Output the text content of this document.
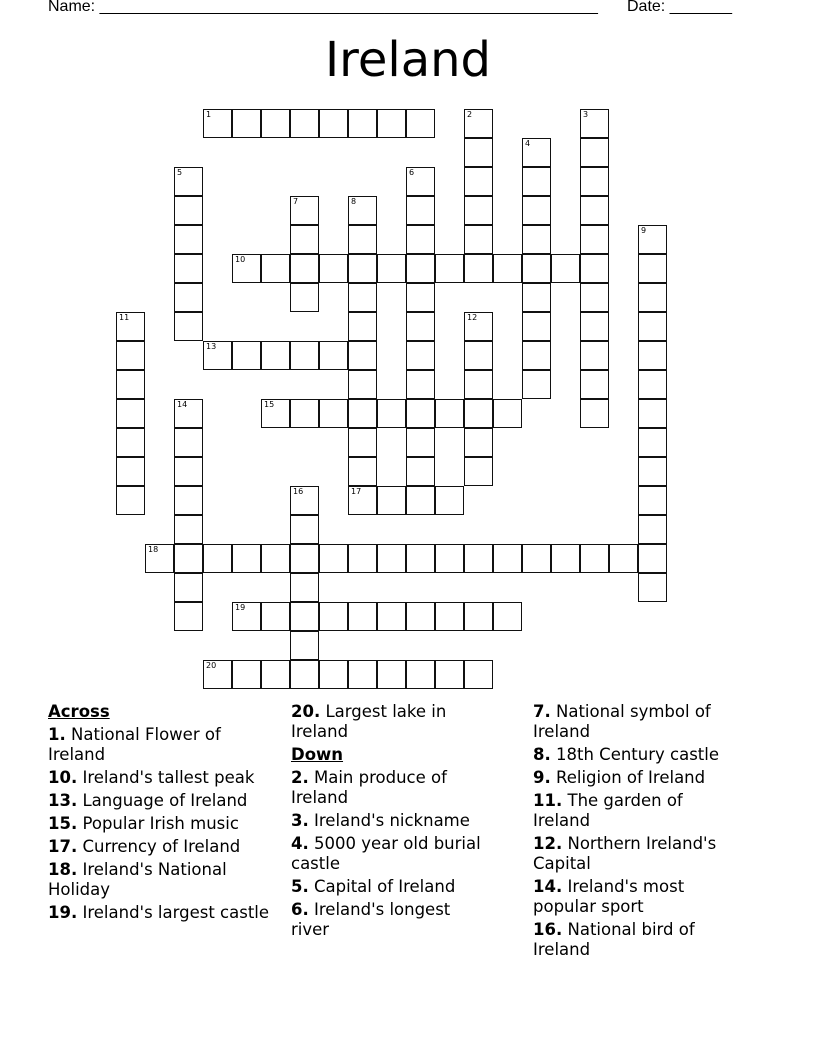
Name: ________________________________________________________ Date: _______
Ireland
1
10
13
15
17
18
19
20
2	3
4
5	6
7	8
9
11	12
14
16
Across
1. National Flower of Ireland
10. Ireland's tallest peak
13. Language of Ireland
15. Popular Irish music
17. Currency of Ireland
18. Ireland's National Holiday
19. Ireland's largest castle
20. Largest lake in Ireland
Down
2. Main produce of Ireland
3. Ireland's nickname
4. 5000 year old burial castle
5. Capital of Ireland
6. Ireland's longest river
7. National symbol of Ireland
8. 18th Century castle
9. Religion of Ireland
11. The garden of Ireland
12. Northern Ireland's Capital
14. Ireland's most popular sport
16. National bird of Ireland
